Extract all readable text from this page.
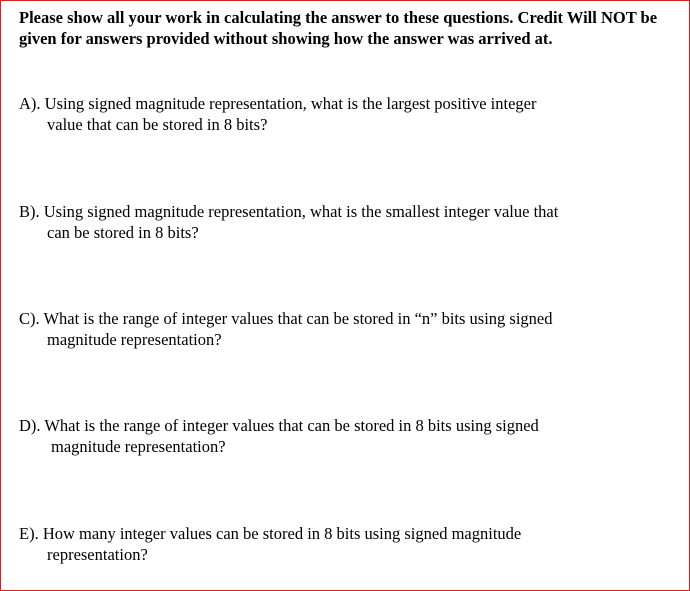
Please show all your work in calculating the answer to these questions. Credit Will NOT be given for answers provided without showing how the answer was arrived at.

A). Using signed magnitude representation, what is the largest positive integer
value that can be stored in 8 bits?
B). Using signed magnitude representation, what is the smallest integer value that
can be stored in 8 bits?
C). What is the range of integer values that can be stored in “n” bits using signed
magnitude representation?
D). What is the range of integer values that can be stored in 8 bits using signed
magnitude representation?
E). How many integer values can be stored in 8 bits using signed magnitude
representation?
